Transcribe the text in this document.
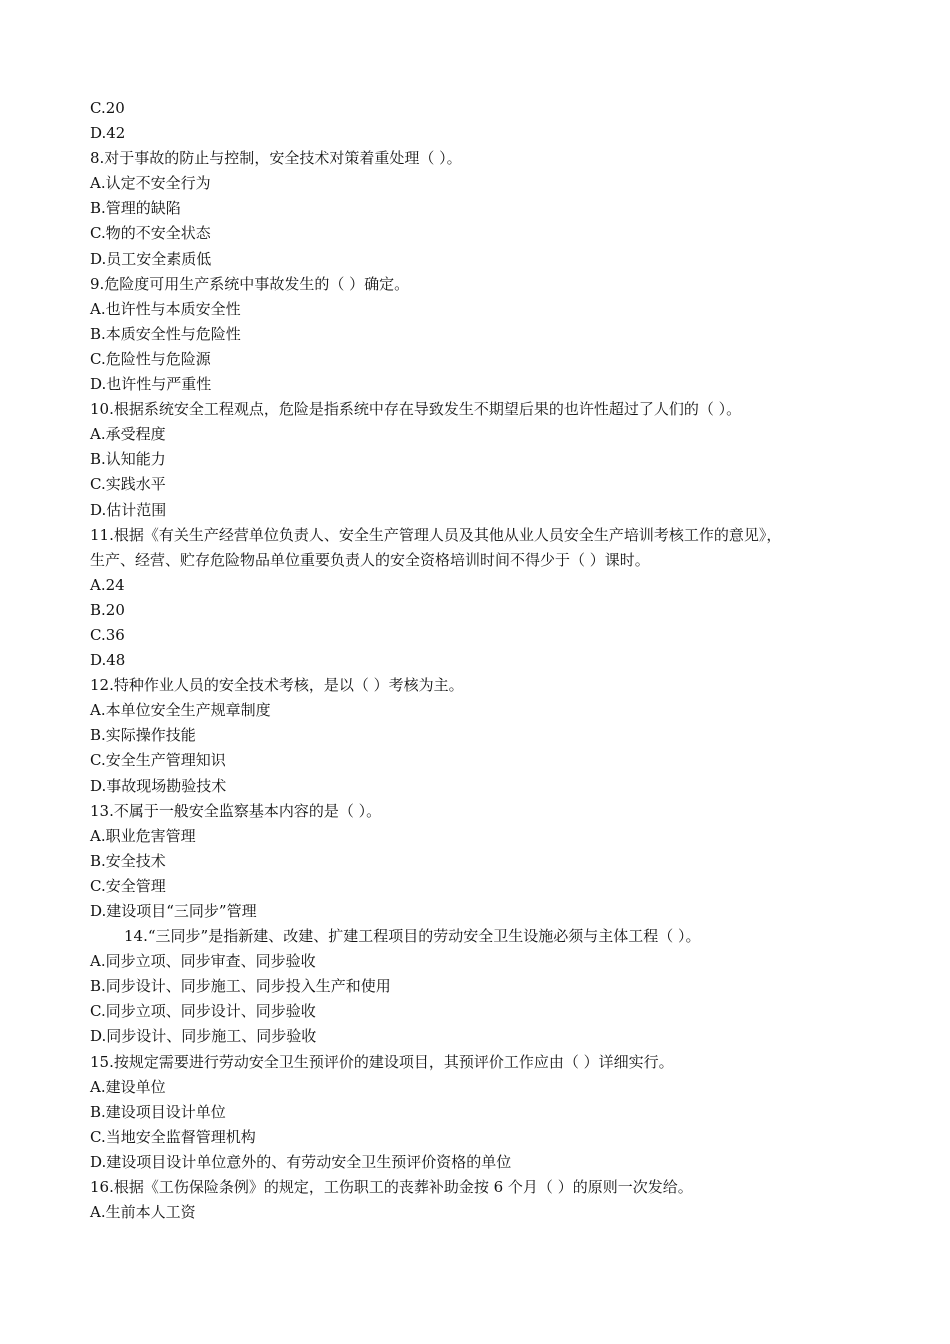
C.20
D.42
8.对于事故的防止与控制，安全技术对策着重处理（ ）。
A.认定不安全行为
B.管理的缺陷
C.物的不安全状态
D.员工安全素质低
9.危险度可用生产系统中事故发生的（ ）确定。
A.也许性与本质安全性
B.本质安全性与危险性
C.危险性与危险源
D.也许性与严重性
10.根据系统安全工程观点，危险是指系统中存在导致发生不期望后果的也许性超过了人们的（ ）。
A.承受程度
B.认知能力
C.实践水平
D.估计范围
11.根据《有关生产经营单位负责人、安全生产管理人员及其他从业人员安全生产培训考核工作的意见》，
生产、经营、贮存危险物品单位重要负责人的安全资格培训时间不得少于（ ）课时。
A.24
B.20
C.36
D.48
12.特种作业人员的安全技术考核，是以（ ）考核为主。
A.本单位安全生产规章制度
B.实际操作技能
C.安全生产管理知识
D.事故现场勘验技术
13.不属于一般安全监察基本内容的是（ ）。
A.职业危害管理
B.安全技术
C.安全管理
D.建设项目“三同步”管理
14.“三同步”是指新建、改建、扩建工程项目的劳动安全卫生设施必须与主体工程（ ）。
A.同步立项、同步审查、同步验收
B.同步设计、同步施工、同步投入生产和使用
C.同步立项、同步设计、同步验收
D.同步设计、同步施工、同步验收
15.按规定需要进行劳动安全卫生预评价的建设项目，其预评价工作应由（ ）详细实行。
A.建设单位
B.建设项目设计单位
C.当地安全监督管理机构
D.建设项目设计单位意外的、有劳动安全卫生预评价资格的单位
16.根据《工伤保险条例》的规定，工伤职工的丧葬补助金按 6 个月（ ）的原则一次发给。
A.生前本人工资
